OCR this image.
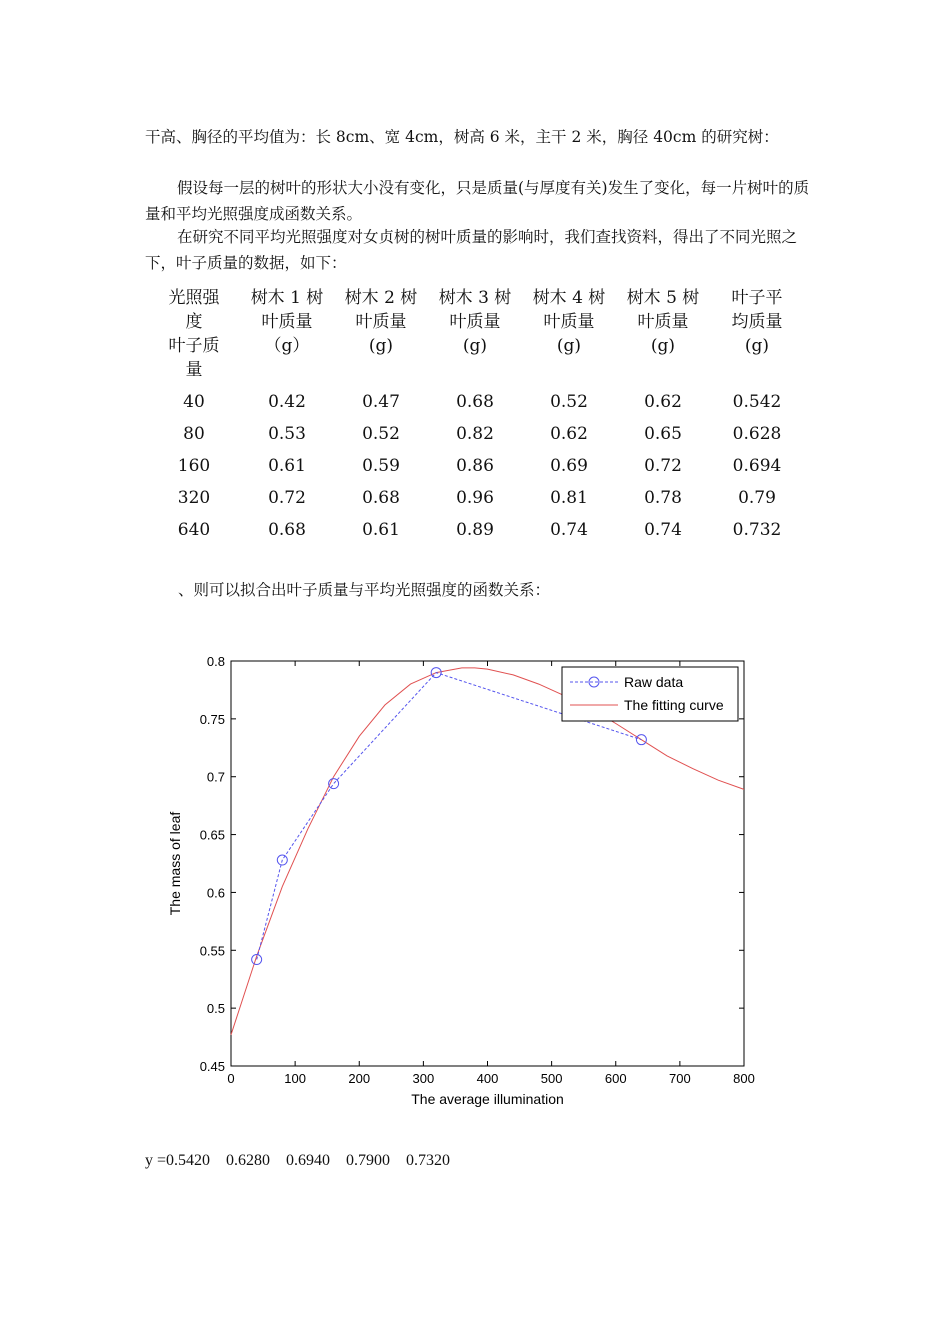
干高、胸径的平均值为：长 8cm、宽 4cm，树高 6 米，主干 2 米，胸径 40cm 的研究树：
假设每一层的树叶的形状大小没有变化，只是质量(与厚度有关)发生了变化，每一片树叶的质量和平均光照强度成函数关系。
在研究不同平均光照强度对女贞树的树叶质量的影响时，我们查找资料，得出了不同光照之下，叶子质量的数据，如下：
光照强
度
叶子质
量	树木 1 树
叶质量
（g）	树木 2 树
叶质量
(g)	树木 3 树
叶质量
(g)	树木 4 树
叶质量
(g)	树木 5 树
叶质量
(g)	叶子平
均质量
(g)

40	0.42	0.47	0.68	0.52	0.62	0.542
80	0.53	0.52	0.82	0.62	0.65	0.628
160	0.61	0.59	0.86	0.69	0.72	0.694
320	0.72	0.68	0.96	0.81	0.78	0.79
640	0.68	0.61	0.89	0.74	0.74	0.732
、则可以拟合出叶子质量与平均光照强度的函数关系：
0	100	200	300	400	500	600	700	800
0.45
0.5
0.55
0.6
0.65
0.7
0.75
0.8
The average illumination
The mass of leaf
Raw data
The fitting curve
y =0.5420    0.6280    0.6940    0.7900    0.7320
